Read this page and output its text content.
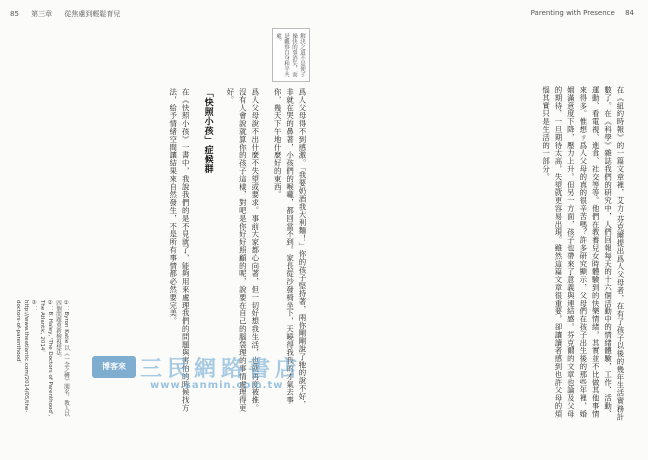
85 第三章 從焦慮到輕鬆育兒
解決之道不是便子操快的事消失，而是觀察自身和平共處。

爲人父母得不到感激。「我要奶酒我大利麵！」你的孩子堅持著，兩你剛剛說了牠的說不好，非就在哭的鼻著，小孩們的喉嚨，都回當不到。家長從沙發椅坐下，天曉得我我的才氣去事你，幾天下午地什麼好的東西。

爲人父母說不出什麼不失望或要求。事前大家都心向著，但一切好想我生活，也就再度被推。沒有人會說就算你的孩子這樣，對吧是你好好照顧的呢，說要在自己的腦袋理的事情處理得更好。

「快照小孩」症候群

在《快照小孩》一書中，我說我們的是不見就了，能夠用來處理我們的問題與害怕的時候找方法，給予情緒空間讓結果來自然發生，不是所有事情都必然要完美。

①：Byron Katie 以《一念之轉》聞名，教人以四個問題重新檢視想法。
②：B. Haley, 'The Doctors of Parenthood', The Atlantic, 2014。
③：http://www.theatlantic.com/2014/05/the-doctors-of-parenthood。
Parenting with Presence 84

在《紐約時報》的一篇文章裡，艾力·芬克爾提出爲人父母者，在有了孩子以後的幾年生活實務計數了。在《科學》雜誌我們的研究中，人們回報每天的十六個活動中的情緒體驗，工作、活動、運動、看電視、進食、社交等等。他們在教養兒女時體驗到的快樂情緒，其實並不比做其他事情來得多。惟想ㄗ爲人父母的真的很辛苦嗎？許多研究顯示，父母們在孩子出生後的那些年裡，婚姻滿意度下降，壓力上升。但另一方面，孩子也帶來了意義與連結感。芬克爾的文章也論及父母的期待，一旦期待太高，失望就更容易出現。雖然這篇文章很重要，卻讓讀者感到也許父母的煩惱其實只是生活的一部分。

博客來 三民網路書店
www.sanmin.com.tw
